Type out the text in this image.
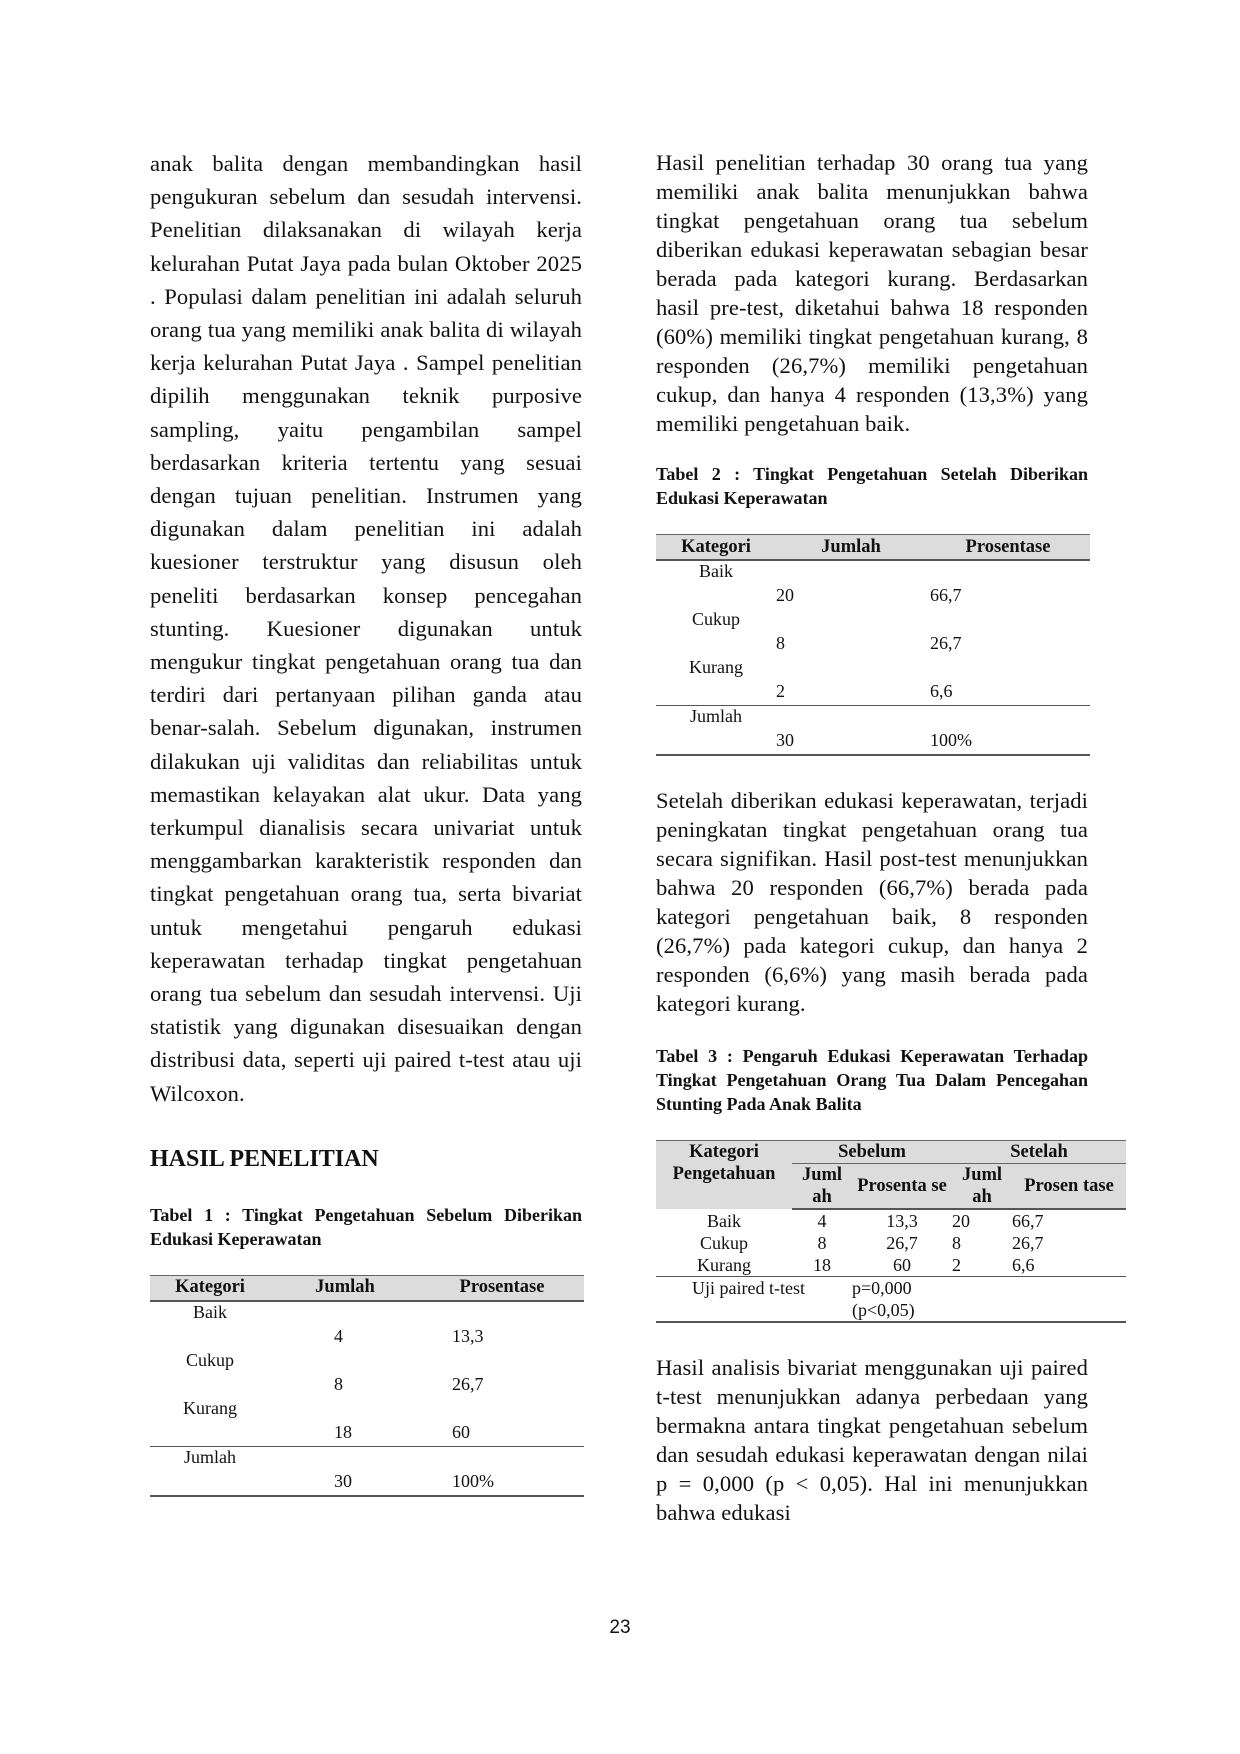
anak balita dengan membandingkan hasil pengukuran sebelum dan sesudah intervensi. Penelitian dilaksanakan di wilayah kerja kelurahan Putat Jaya pada bulan Oktober 2025 . Populasi dalam penelitian ini adalah seluruh orang tua yang memiliki anak balita di wilayah kerja kelurahan Putat Jaya . Sampel penelitian dipilih menggunakan teknik purposive sampling, yaitu pengambilan sampel berdasarkan kriteria tertentu yang sesuai dengan tujuan penelitian. Instrumen yang digunakan dalam penelitian ini adalah kuesioner terstruktur yang disusun oleh peneliti berdasarkan konsep pencegahan stunting. Kuesioner digunakan untuk mengukur tingkat pengetahuan orang tua dan terdiri dari pertanyaan pilihan ganda atau benar-salah. Sebelum digunakan, instrumen dilakukan uji validitas dan reliabilitas untuk memastikan kelayakan alat ukur. Data yang terkumpul dianalisis secara univariat untuk menggambarkan karakteristik responden dan tingkat pengetahuan orang tua, serta bivariat untuk mengetahui pengaruh edukasi keperawatan terhadap tingkat pengetahuan orang tua sebelum dan sesudah intervensi. Uji statistik yang digunakan disesuaikan dengan distribusi data, seperti uji paired t-test atau uji Wilcoxon.

HASIL PENELITIAN

Tabel 1 : Tingkat Pengetahuan Sebelum Diberikan Edukasi Keperawatan

Kategori	Jumlah	Prosentase
Baik		
	4	13,3
Cukup		
	8	26,7
Kurang		
	18	60
Jumlah		
	30	100%

Hasil penelitian terhadap 30 orang tua yang memiliki anak balita menunjukkan bahwa tingkat pengetahuan orang tua sebelum diberikan edukasi keperawatan sebagian besar berada pada kategori kurang. Berdasarkan hasil pre-test, diketahui bahwa 18 responden (60%) memiliki tingkat pengetahuan kurang, 8 responden (26,7%) memiliki pengetahuan cukup, dan hanya 4 responden (13,3%) yang memiliki pengetahuan baik.

Tabel 2 : Tingkat Pengetahuan Setelah Diberikan Edukasi Keperawatan

Kategori	Jumlah	Prosentase
Baik		
	20	66,7
Cukup		
	8	26,7
Kurang		
	2	6,6
Jumlah		
	30	100%

Setelah diberikan edukasi keperawatan, terjadi peningkatan tingkat pengetahuan orang tua secara signifikan. Hasil post-test menunjukkan bahwa 20 responden (66,7%) berada pada kategori pengetahuan baik, 8 responden (26,7%) pada kategori cukup, dan hanya 2 responden (6,6%) yang masih berada pada kategori kurang.

Tabel 3 : Pengaruh Edukasi Keperawatan Terhadap Tingkat Pengetahuan Orang Tua Dalam Pencegahan Stunting Pada Anak Balita

Kategori Pengetahuan	Sebelum		Setelah	
	Juml ah	Prosenta se	Juml ah	Prosen tase
Baik	4	13,3	20	66,7
Cukup	8	26,7	8	26,7
Kurang	18	60	2	6,6
Uji paired t-test		p=0,000		
		(p<0,05)		

Hasil analisis bivariat menggunakan uji paired t-test menunjukkan adanya perbedaan yang bermakna antara tingkat pengetahuan sebelum dan sesudah edukasi keperawatan dengan nilai p = 0,000 (p < 0,05). Hal ini menunjukkan bahwa edukasi

23
